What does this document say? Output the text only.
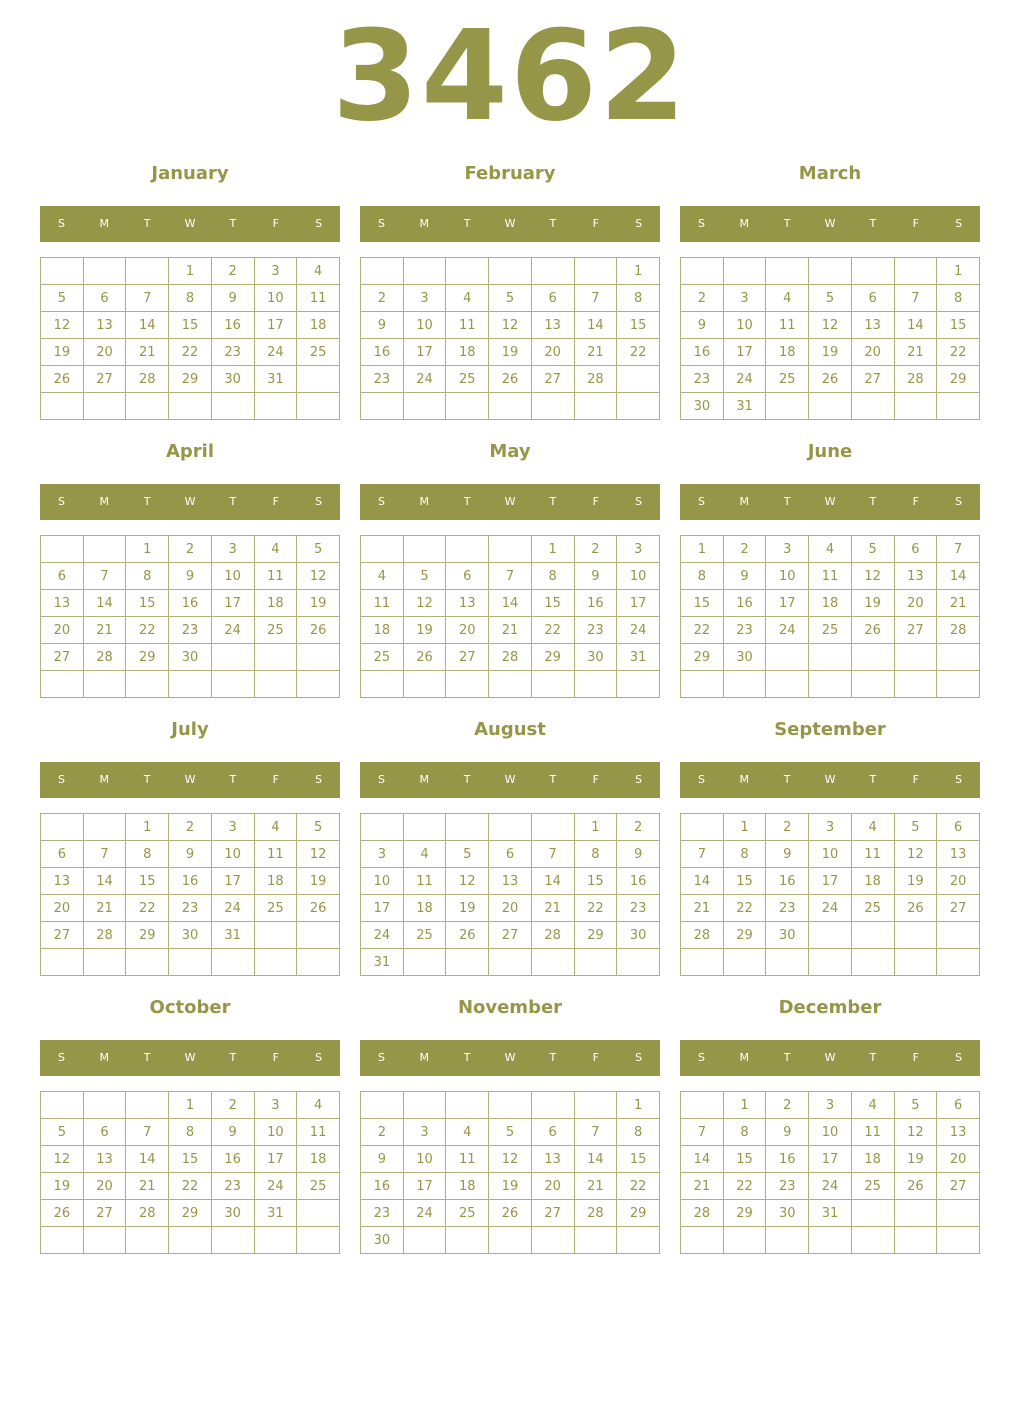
3462
January
S	M	T	W	T	F	S
			1	2	3	4
5	6	7	8	9	10	11
12	13	14	15	16	17	18
19	20	21	22	23	24	25
26	27	28	29	30	31	

February
S	M	T	W	T	F	S
						1
2	3	4	5	6	7	8
9	10	11	12	13	14	15
16	17	18	19	20	21	22
23	24	25	26	27	28	

March
S	M	T	W	T	F	S
						1
2	3	4	5	6	7	8
9	10	11	12	13	14	15
16	17	18	19	20	21	22
23	24	25	26	27	28	29
30	31					
April
S	M	T	W	T	F	S
		1	2	3	4	5
6	7	8	9	10	11	12
13	14	15	16	17	18	19
20	21	22	23	24	25	26
27	28	29	30			

May
S	M	T	W	T	F	S
				1	2	3
4	5	6	7	8	9	10
11	12	13	14	15	16	17
18	19	20	21	22	23	24
25	26	27	28	29	30	31

June
S	M	T	W	T	F	S
1	2	3	4	5	6	7
8	9	10	11	12	13	14
15	16	17	18	19	20	21
22	23	24	25	26	27	28
29	30					

July
S	M	T	W	T	F	S
		1	2	3	4	5
6	7	8	9	10	11	12
13	14	15	16	17	18	19
20	21	22	23	24	25	26
27	28	29	30	31		

August
S	M	T	W	T	F	S
					1	2
3	4	5	6	7	8	9
10	11	12	13	14	15	16
17	18	19	20	21	22	23
24	25	26	27	28	29	30
31						
September
S	M	T	W	T	F	S
	1	2	3	4	5	6
7	8	9	10	11	12	13
14	15	16	17	18	19	20
21	22	23	24	25	26	27
28	29	30				

October
S	M	T	W	T	F	S
			1	2	3	4
5	6	7	8	9	10	11
12	13	14	15	16	17	18
19	20	21	22	23	24	25
26	27	28	29	30	31	

November
S	M	T	W	T	F	S
						1
2	3	4	5	6	7	8
9	10	11	12	13	14	15
16	17	18	19	20	21	22
23	24	25	26	27	28	29
30						
December
S	M	T	W	T	F	S
	1	2	3	4	5	6
7	8	9	10	11	12	13
14	15	16	17	18	19	20
21	22	23	24	25	26	27
28	29	30	31			
